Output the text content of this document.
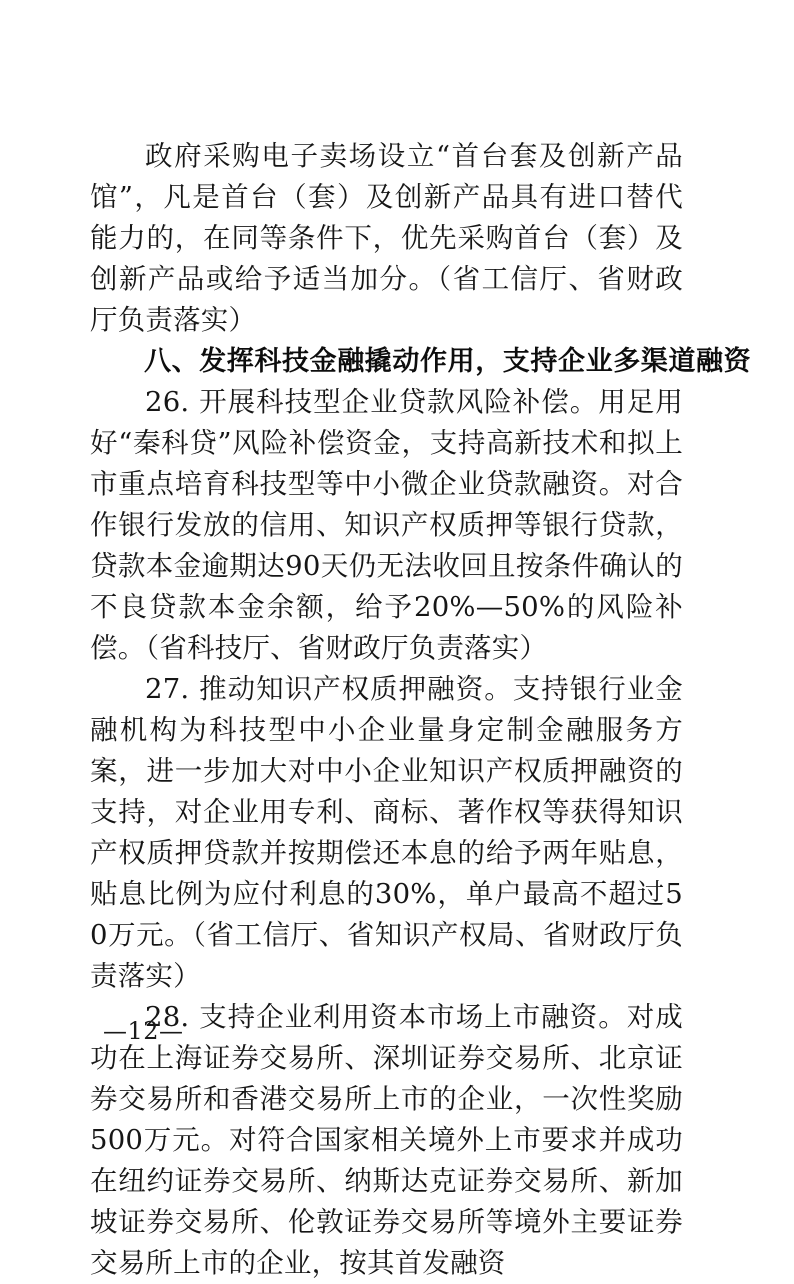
政府采购电子卖场设立“首台套及创新产品馆”，凡是首台（套）及创新产品具有进口替代能力的，在同等条件下，优先采购首台（套）及创新产品或给予适当加分。（省工信厅、省财政厅负责落实）

八、发挥科技金融撬动作用，支持企业多渠道融资

26. 开展科技型企业贷款风险补偿。用足用好“秦科贷”风险补偿资金，支持高新技术和拟上市重点培育科技型等中小微企业贷款融资。对合作银行发放的信用、知识产权质押等银行贷款，贷款本金逾期达90天仍无法收回且按条件确认的不良贷款本金余额，给予20%—50%的风险补偿。（省科技厅、省财政厅负责落实）

27. 推动知识产权质押融资。支持银行业金融机构为科技型中小企业量身定制金融服务方案，进一步加大对中小企业知识产权质押融资的支持，对企业用专利、商标、著作权等获得知识产权质押贷款并按期偿还本息的给予两年贴息，贴息比例为应付利息的30%，单户最高不超过50万元。（省工信厅、省知识产权局、省财政厅负责落实）

28. 支持企业利用资本市场上市融资。对成功在上海证券交易所、深圳证券交易所、北京证券交易所和香港交易所上市的企业，一次性奖励500万元。对符合国家相关境外上市要求并成功在纽约证券交易所、纳斯达克证券交易所、新加坡证券交易所、伦敦证券交易所等境外主要证券交易所上市的企业，按其首发融资

—12—
